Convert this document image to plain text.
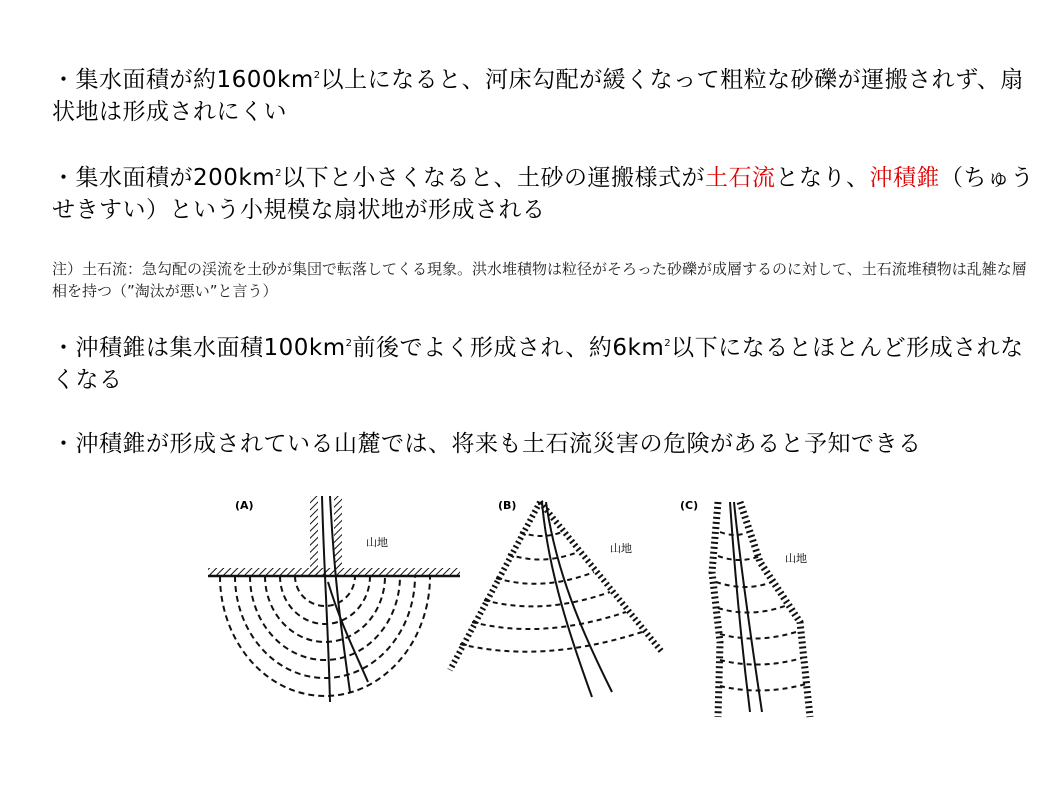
・集水面積が約$1600km^2$以上になると、河床勾配が緩くなって粗粒な砂礫が運搬されず、扇状地は形成されにくい
・集水面積が$200km^2$以下と小さくなると、土砂の運搬様式が土石流となり、沖積錐（ちゅうせきすい）という小規模な扇状地が形成される
注）土石流：急勾配の渓流を土砂が集団で転落してくる現象。洪水堆積物は粒径がそろった砂礫が成層するのに対して、土石流堆積物は乱雑な層相を持つ（”淘汰が悪い”と言う）
・沖積錐は集水面積$100km^2$前後でよく形成され、約$6km^2$以下になるとほとんど形成されなくなる
・沖積錐が形成されている山麓では、将来も土石流災害の危険があると予知できる
(A)
山地
(B)
山地
(C)
山地
